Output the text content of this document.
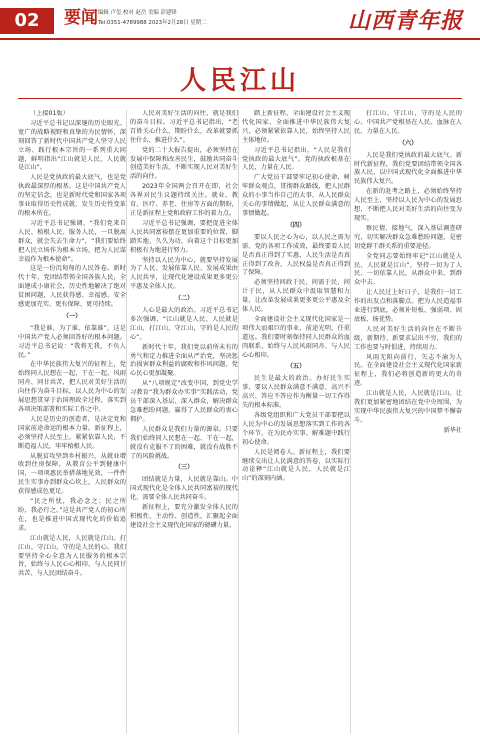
02	要闻 编辑 卢玺 校对 赵岳 美编 彭建锋
Tel:0351-4789988 2023年2月28日 星期二	山西青年报
人民江山

（上接01版）

习近平总书记以深邃的历史眼光、宽广的战略视野和真挚的为民情怀，深刻回答了新时代中国共产党人坚守人民立场、践行根本宗旨的一系列重大问题，鲜明指出“江山就是人民，人民就是江山”。

人民是党执政的最大底气，也是党执政最深厚的根基。这是中国共产党人的坚定信念，也是新时代党和国家各项事业取得历史性成就、发生历史性变革的根本所在。

习近平总书记强调，“我们党来自人民、植根人民、服务人民，一旦脱离群众，就会失去生命力”，“我们要始终把人民立场作为根本立场，把为人民谋幸福作为根本使命”。

这是一份沉甸甸的人民答卷。新时代十年，党团结带领全国各族人民，全面建成小康社会，历史性地解决了绝对贫困问题，人民获得感、幸福感、安全感更加充实、更有保障、更可持续。

（一）

“我是谁、为了谁、依靠谁”，这是中国共产党人必须回答好的根本问题。习近平总书记说：“我将无我，不负人民。”

在中华民族伟大复兴的征程上，党始终同人民想在一起、干在一起，风雨同舟、同甘共苦，把人民对美好生活的向往作为奋斗目标，以人民为中心的发展思想贯穿于治国理政全过程，落实到各项决策部署和实际工作之中。

人民是历史的创造者，是决定党和国家前途命运的根本力量。新征程上，必须坚持人民至上，紧紧依靠人民，不断造福人民，牢牢植根人民。

从脱贫攻坚到乡村振兴，从就业增收到住房保障，从教育公平到健康中国，一项项惠民举措落地见效，一件件民生实事办到群众心坎上，人民群众的获得感成色更足。

“民之所忧，我必念之；民之所盼，我必行之。”这是共产党人的初心所在，也是推进中国式现代化的价值追求。

江山就是人民，人民就是江山。打江山、守江山，守的是人民的心。我们要坚持全心全意为人民服务的根本宗旨，始终与人民心心相印、与人民同甘共苦、与人民团结奋斗。

人民对美好生活的向往，就是我们的奋斗目标。习近平总书记指出，“老百姓关心什么、期盼什么，改革就要抓住什么、推进什么”。

党的二十大报告提出，必须坚持在发展中保障和改善民生，鼓励共同奋斗创造美好生活，不断实现人民对美好生活的向往。

2023年全国两会召开在即，社会各界对民生议题持续关注。就业、教育、医疗、养老、住房等方面的期盼，正是新征程上党和政府工作的着力点。

习近平总书记强调，要把促进全体人民共同富裕摆在更加重要的位置，脚踏实地、久久为功，向着这个目标更加积极有为地进行努力。

坚持以人民为中心，就要坚持发展为了人民、发展依靠人民、发展成果由人民共享，让现代化建设成果更多更公平惠及全体人民。

（二）

人心是最大的政治。习近平总书记多次强调，“江山就是人民、人民就是江山，打江山、守江山，守的是人民的心”。

新时代十年，我们党以前所未有的勇气和定力推进全面从严治党，坚决惩治损害群众利益的腐败和作风问题，党心民心更加凝聚。

从“八项规定”改变中国，到党史学习教育“我为群众办实事”实践活动，党员干部深入基层、深入群众，解决群众急难愁盼问题，赢得了人民群众的衷心拥护。

人民群众是我们力量的源泉。只要我们始终同人民想在一起、干在一起，就没有克服不了的困难，就没有战胜不了的风险挑战。

（三）

团结就是力量，人民就是靠山。中国式现代化是全体人民共同富裕的现代化，需要全体人民共同奋斗。

新征程上，要充分激发全体人民的积极性、主动性、创造性，汇聚起全面建设社会主义现代化国家的磅礴力量。

踏上新征程，全面建设社会主义现代化国家、全面推进中华民族伟大复兴，必须紧紧依靠人民，始终坚持人民主体地位。

习近平总书记指出，“人民是我们党执政的最大底气”。党的执政根基在人民，力量在人民。

广大党员干部要牢记初心使命，树牢群众观点，贯彻群众路线，把人民群众的小事当作自己的大事，从人民群众关心的事情做起，从让人民群众满意的事情做起。

（四）

要以人民之心为心，以人民之需为需。党的各项工作成效，最终要看人民是否真正得到了实惠，人民生活是否真正得到了改善，人民权益是否真正得到了保障。

必须坚持问政于民、问需于民、问计于民，从人民群众中汲取智慧和力量，让改革发展成果更多更公平惠及全体人民。

全面建设社会主义现代化国家是一项伟大而艰巨的事业，前途光明，任重道远。我们要时刻保持同人民群众的血肉联系，始终与人民风雨同舟、与人民心心相印。

（五）

民生是最大的政治。办好民生实事，要以人民群众满意不满意、高兴不高兴、答应不答应作为衡量一切工作得失的根本标准。

各级党组织和广大党员干部要把以人民为中心的发展思想落实到工作的各个环节，在为民办实事、解难题中践行初心使命。

人民是阅卷人。新征程上，我们要继续交出让人民满意的答卷，以实际行动诠释“江山就是人民，人民就是江山”的深刻内涵。

打江山、守江山，守的是人民的心。中国共产党根基在人民、血脉在人民、力量在人民。

（六）

人民是我们党执政的最大底气。新时代新征程，我们党要团结带领全国各族人民，以中国式现代化全面推进中华民族伟大复兴。

在新的赶考之路上，必须始终坚持人民至上，坚持以人民为中心的发展思想，不断把人民对美好生活的向往变为现实。

察民情、接地气，深入基层调查研究，切实解决群众急难愁盼问题，是密切党群干群关系的重要途径。

全党同志要始终牢记“江山就是人民、人民就是江山”，坚持一切为了人民、一切依靠人民，从群众中来、到群众中去。

让人民过上好日子，是我们一切工作的出发点和落脚点。把为人民造福事业进行到底，必须补短板、强弱项、固底板、扬优势。

人民对美好生活的向往在不断升级，新期待、新要求层出不穷，我们的工作也要与时俱进，持续用力。

风雨无阻向前行，矢志不渝为人民。在全面建设社会主义现代化国家新征程上，我们必将创造新的更大的奇迹。

江山就是人民，人民就是江山。让我们更加紧密地团结在党中央周围，为实现中华民族伟大复兴的中国梦不懈奋斗。

新华社
